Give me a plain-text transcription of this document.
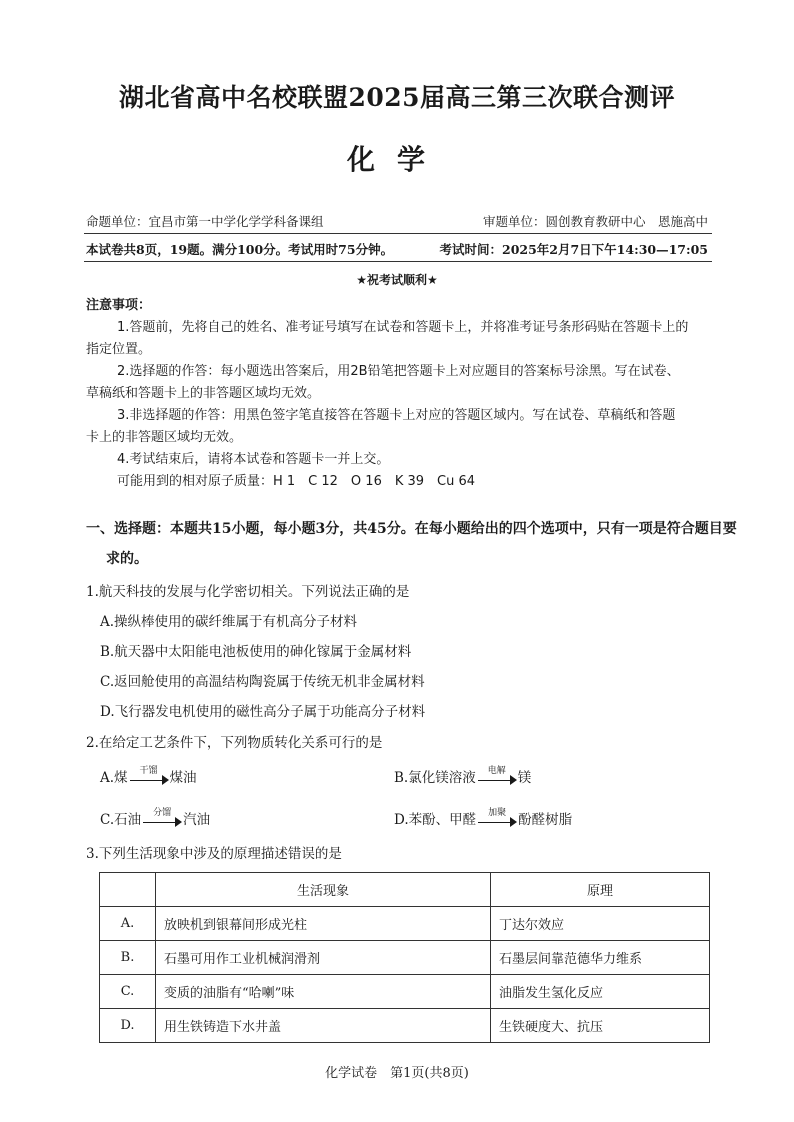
湖北省高中名校联盟2025届高三第三次联合测评
化学
命题单位：宜昌市第一中学化学学科备课组	审题单位：圆创教育教研中心　恩施高中
本试卷共8页，19题。满分100分。考试用时75分钟。	考试时间：2025年2月7日下午14:30—17:05
★祝考试顺利★
注意事项：
1.答题前，先将自己的姓名、准考证号填写在试卷和答题卡上，并将准考证号条形码贴在答题卡上的
指定位置。
2.选择题的作答：每小题选出答案后，用2B铅笔把答题卡上对应题目的答案标号涂黑。写在试卷、
草稿纸和答题卡上的非答题区域均无效。
3.非选择题的作答：用黑色签字笔直接答在答题卡上对应的答题区域内。写在试卷、草稿纸和答题
卡上的非答题区域均无效。
4.考试结束后，请将本试卷和答题卡一并上交。
可能用到的相对原子质量：H 1　C 12　O 16　K 39　Cu 64
一、选择题：本题共15小题，每小题3分，共45分。在每小题给出的四个选项中，只有一项是符合题目要
求的。
1.航天科技的发展与化学密切相关。下列说法正确的是
A.操纵棒使用的碳纤维属于有机高分子材料
B.航天器中太阳能电池板使用的砷化镓属于金属材料
C.返回舱使用的高温结构陶瓷属于传统无机非金属材料
D.飞行器发电机使用的磁性高分子属于功能高分子材料
2.在给定工艺条件下，下列物质转化关系可行的是
A.煤	干馏 煤油	B.氯化镁溶液	电解 镁
C.石油	分馏 汽油	D.苯酚、甲醛	加聚 酚醛树脂
3.下列生活现象中涉及的原理描述错误的是
	生活现象	原理
A.	放映机到银幕间形成光柱	丁达尔效应
B.	石墨可用作工业机械润滑剂	石墨层间靠范德华力维系
C.	变质的油脂有“哈喇”味	油脂发生氢化反应
D.	用生铁铸造下水井盖	生铁硬度大、抗压
化学试卷　第1页(共8页)
